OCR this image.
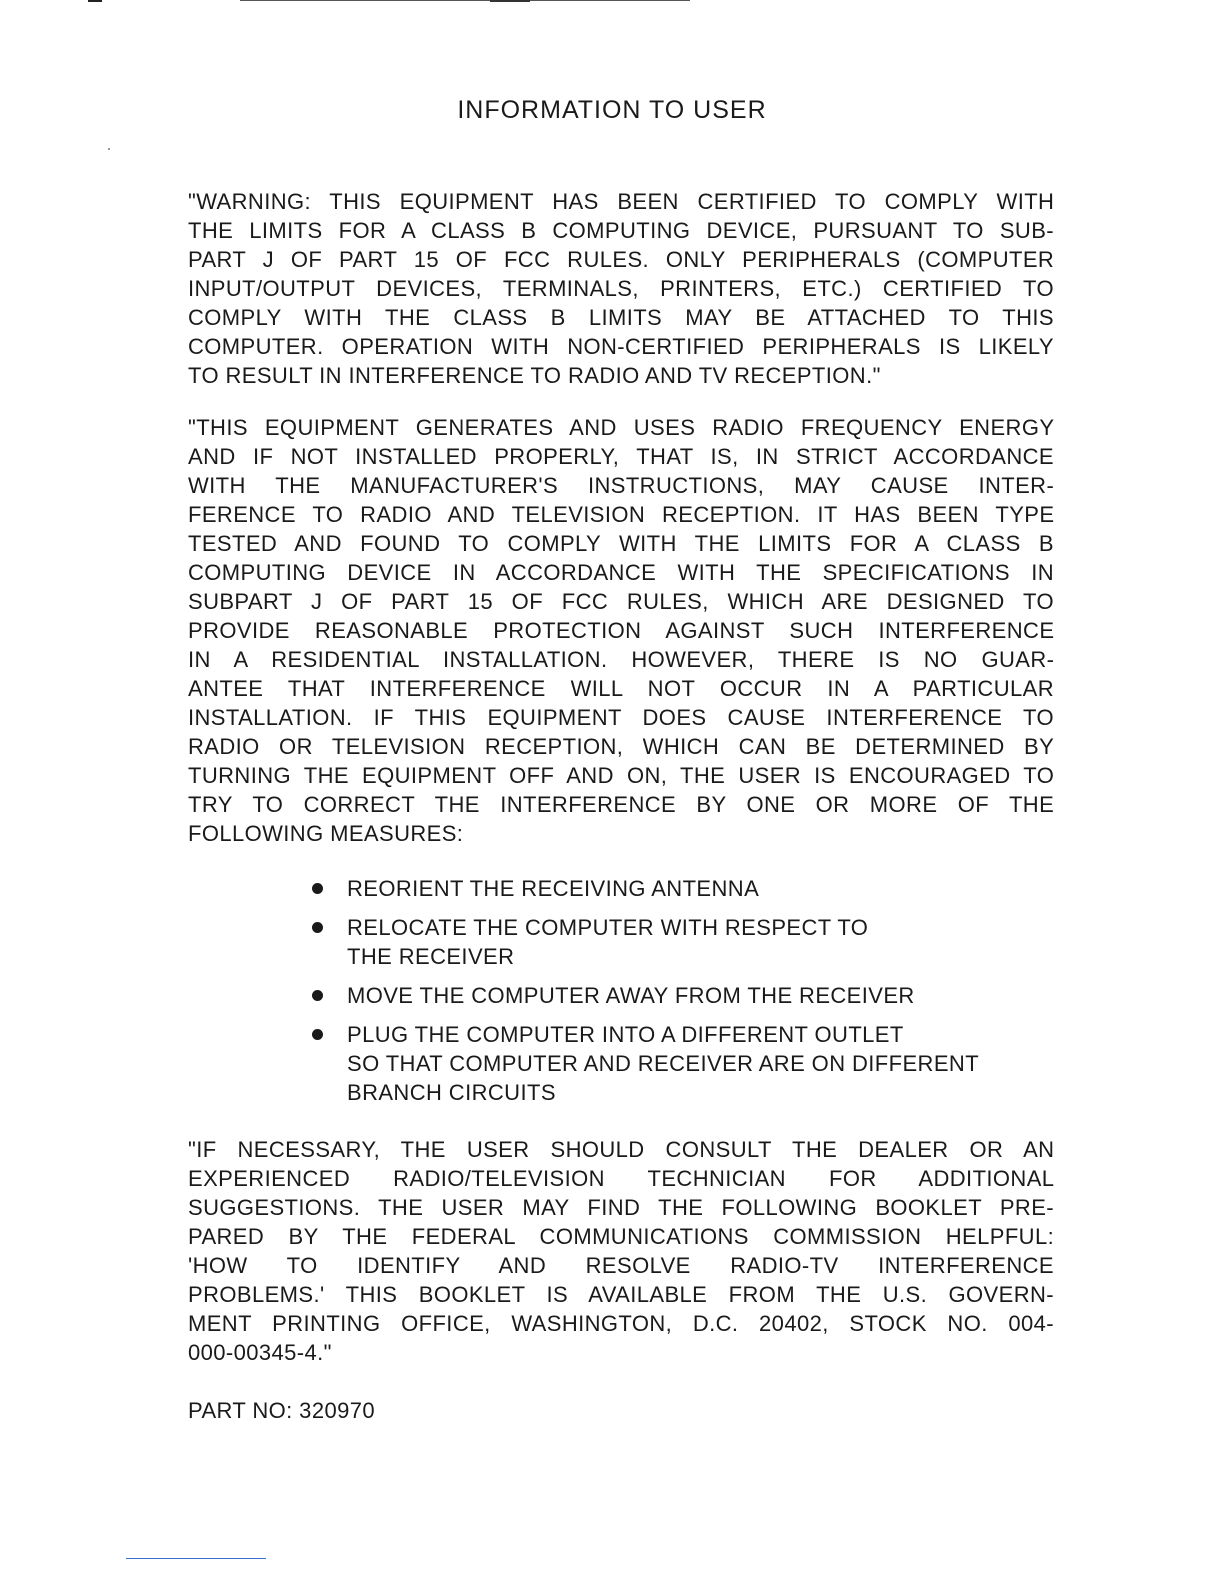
INFORMATION TO USER
"WARNING: THIS EQUIPMENT HAS BEEN CERTIFIED TO COMPLY WITH
THE LIMITS FOR A CLASS B COMPUTING DEVICE, PURSUANT TO SUB-
PART J OF PART 15 OF FCC RULES. ONLY PERIPHERALS (COMPUTER
INPUT/OUTPUT DEVICES, TERMINALS, PRINTERS, ETC.) CERTIFIED TO
COMPLY WITH THE CLASS B LIMITS MAY BE ATTACHED TO THIS
COMPUTER. OPERATION WITH NON-CERTIFIED PERIPHERALS IS LIKELY
TO RESULT IN INTERFERENCE TO RADIO AND TV RECEPTION."
"THIS EQUIPMENT GENERATES AND USES RADIO FREQUENCY ENERGY
AND IF NOT INSTALLED PROPERLY, THAT IS, IN STRICT ACCORDANCE
WITH THE MANUFACTURER'S INSTRUCTIONS, MAY CAUSE INTER-
FERENCE TO RADIO AND TELEVISION RECEPTION. IT HAS BEEN TYPE
TESTED AND FOUND TO COMPLY WITH THE LIMITS FOR A CLASS B
COMPUTING DEVICE IN ACCORDANCE WITH THE SPECIFICATIONS IN
SUBPART J OF PART 15 OF FCC RULES, WHICH ARE DESIGNED TO
PROVIDE REASONABLE PROTECTION AGAINST SUCH INTERFERENCE
IN A RESIDENTIAL INSTALLATION. HOWEVER, THERE IS NO GUAR-
ANTEE THAT INTERFERENCE WILL NOT OCCUR IN A PARTICULAR
INSTALLATION. IF THIS EQUIPMENT DOES CAUSE INTERFERENCE TO
RADIO OR TELEVISION RECEPTION, WHICH CAN BE DETERMINED BY
TURNING THE EQUIPMENT OFF AND ON, THE USER IS ENCOURAGED TO
TRY TO CORRECT THE INTERFERENCE BY ONE OR MORE OF THE
FOLLOWING MEASURES:
REORIENT THE RECEIVING ANTENNA
RELOCATE THE COMPUTER WITH RESPECT TO
THE RECEIVER
MOVE THE COMPUTER AWAY FROM THE RECEIVER
PLUG THE COMPUTER INTO A DIFFERENT OUTLET
SO THAT COMPUTER AND RECEIVER ARE ON DIFFERENT
BRANCH CIRCUITS
"IF NECESSARY, THE USER SHOULD CONSULT THE DEALER OR AN
EXPERIENCED RADIO/TELEVISION TECHNICIAN FOR ADDITIONAL
SUGGESTIONS. THE USER MAY FIND THE FOLLOWING BOOKLET PRE-
PARED BY THE FEDERAL COMMUNICATIONS COMMISSION HELPFUL:
'HOW TO IDENTIFY AND RESOLVE RADIO-TV INTERFERENCE
PROBLEMS.' THIS BOOKLET IS AVAILABLE FROM THE U.S. GOVERN-
MENT PRINTING OFFICE, WASHINGTON, D.C. 20402, STOCK NO. 004-
000-00345-4."

PART NO: 320970
